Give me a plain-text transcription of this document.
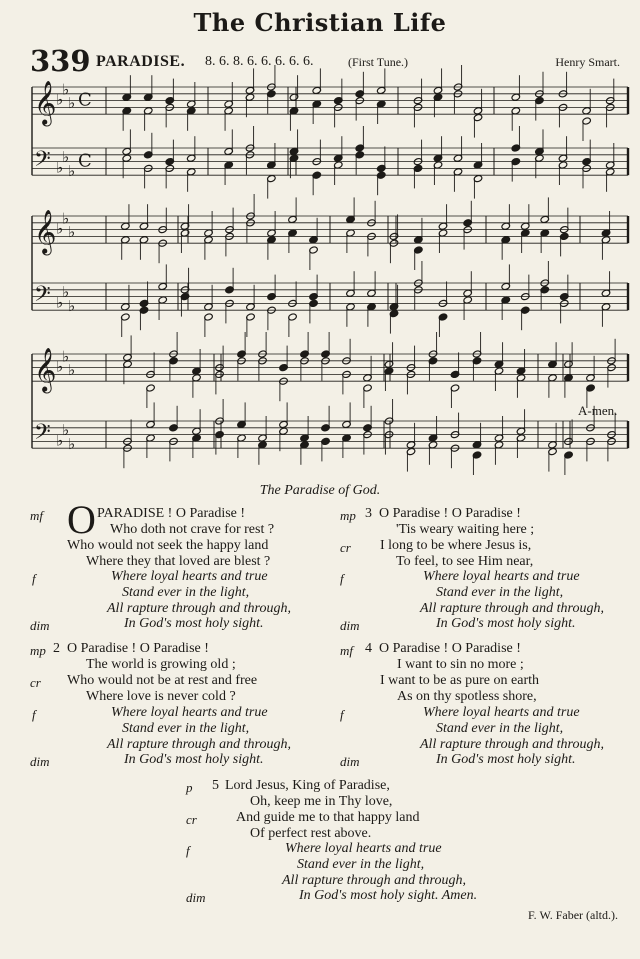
The Christian Life
339 PARADISE. 8. 6. 8. 6. 6. 6. 6. 6.	(First Tune.)	Henry Smart.
𝄞 ♭
♭
♭ C
𝄢 ♭
♭
♭ C
𝄞 ♭
♭
♭
𝄢 ♭
♭
♭
𝄞 ♭
♭
♭
𝄢 ♭
♭
♭
A-men.
The Paradise of God.
O
mf	PARADISE ! O Paradise !
Who doth not crave for rest ?
Who would not seek the happy land
Where they that loved are blest ?
f	Where loyal hearts and true
Stand ever in the light,
All rapture through and through,
dim	In God's most holy sight.
mp 2 O Paradise ! O Paradise !
The world is growing old ;
cr Who would not be at rest and free
Where love is never cold ?
f	Where loyal hearts and true
Stand ever in the light,
All rapture through and through,
dim	In God's most holy sight.
mp 3 O Paradise ! O Paradise !
'Tis weary waiting here ;
cr I long to be where Jesus is,
To feel, to see Him near,
f	Where loyal hearts and true
Stand ever in the light,
All rapture through and through,
dim	In God's most holy sight.
mf 4 O Paradise ! O Paradise !
I want to sin no more ;
I want to be as pure on earth
As on thy spotless shore,
f	Where loyal hearts and true
Stand ever in the light,
All rapture through and through,
dim	In God's most holy sight.
p 5 Lord Jesus, King of Paradise,
Oh, keep me in Thy love,
cr	And guide me to that happy land
Of perfect rest above.
f	Where loyal hearts and true
Stand ever in the light,
All rapture through and through,
dim	In God's most holy sight. Amen.
F. W. Faber (altd.).
